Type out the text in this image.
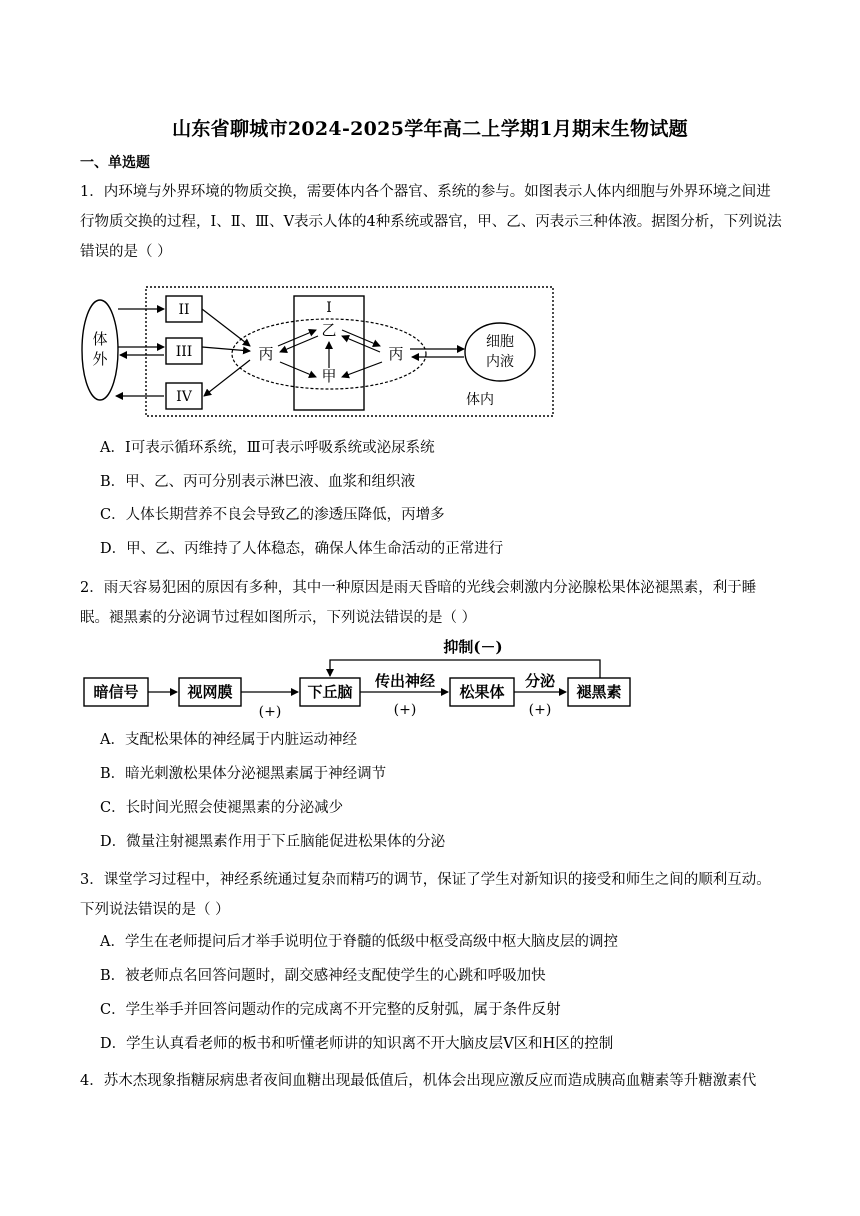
山东省聊城市2024-2025学年高二上学期1月期末生物试题
一、单选题
1．内环境与外界环境的物质交换，需要体内各个器官、系统的参与。如图表示人体内细胞与外界环境之间进行物质交换的过程，I、Ⅱ、Ⅲ、V表示人体的4种系统或器官，甲、乙、丙表示三种体液。据图分析，下列说法错误的是（ ）
体
外
II
III
IV
I
乙
甲
丙	丙
细胞
内液
体内
A．I可表示循环系统，Ⅲ可表示呼吸系统或泌尿系统
B．甲、乙、丙可分别表示淋巴液、血浆和组织液
C．人体长期营养不良会导致乙的渗透压降低，丙增多
D．甲、乙、丙维持了人体稳态，确保人体生命活动的正常进行
2．雨天容易犯困的原因有多种，其中一种原因是雨天昏暗的光线会刺激内分泌腺松果体泌褪黑素，利于睡眠。褪黑素的分泌调节过程如图所示，下列说法错误的是（ ）
抑制(－)
暗信号	视网膜	下丘脑	松果体	褪黑素
传出神经	分泌
(+)	(+)	(+)
A．支配松果体的神经属于内脏运动神经
B．暗光刺激松果体分泌褪黑素属于神经调节
C．长时间光照会使褪黑素的分泌减少
D．微量注射褪黑素作用于下丘脑能促进松果体的分泌
3．课堂学习过程中，神经系统通过复杂而精巧的调节，保证了学生对新知识的接受和师生之间的顺利互动。下列说法错误的是（ ）
A．学生在老师提问后才举手说明位于脊髓的低级中枢受高级中枢大脑皮层的调控
B．被老师点名回答问题时，副交感神经支配使学生的心跳和呼吸加快
C．学生举手并回答问题动作的完成离不开完整的反射弧，属于条件反射
D．学生认真看老师的板书和听懂老师讲的知识离不开大脑皮层V区和H区的控制
4．苏木杰现象指糖尿病患者夜间血糖出现最低值后，机体会出现应激反应而造成胰高血糖素等升糖激素代
